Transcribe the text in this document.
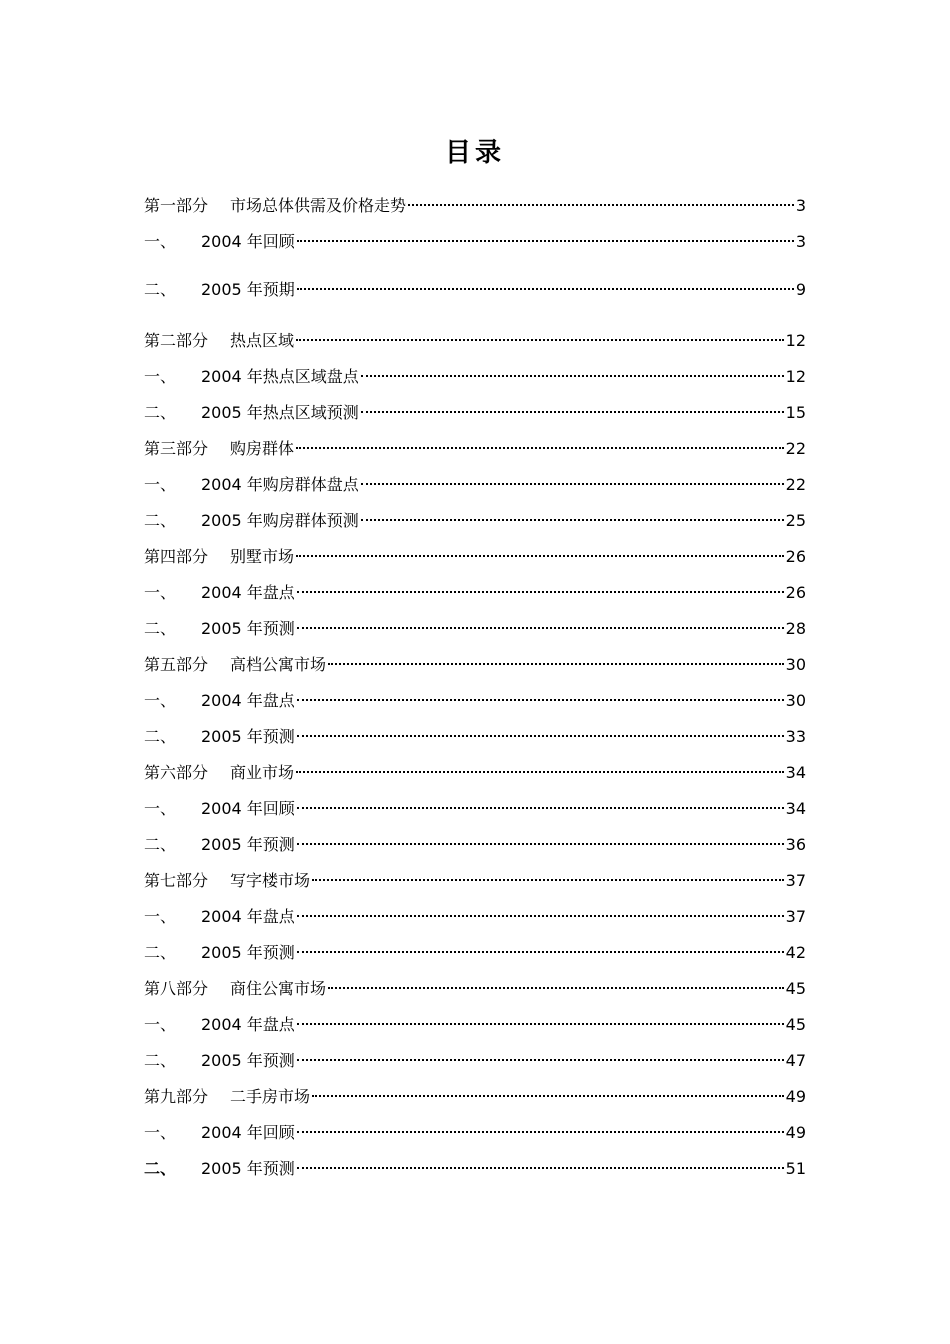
目录
第一部分	市场总体供需及价格走势	3
一、	2004 年回顾	3
二、	2005 年预期	9
第二部分	热点区域	12
一、	2004 年热点区域盘点	12
二、	2005 年热点区域预测	15
第三部分	购房群体	22
一、	2004 年购房群体盘点	22
二、	2005 年购房群体预测	25
第四部分	别墅市场	26
一、	2004 年盘点	26
二、	2005 年预测	28
第五部分	高档公寓市场	30
一、	2004 年盘点	30
二、	2005 年预测	33
第六部分	商业市场	34
一、	2004 年回顾	34
二、	2005 年预测	36
第七部分	写字楼市场	37
一、	2004 年盘点	37
二、	2005 年预测	42
第八部分	商住公寓市场	45
一、	2004 年盘点	45
二、	2005 年预测	47
第九部分	二手房市场	49
一、	2004 年回顾	49
二、	2005 年预测	51
